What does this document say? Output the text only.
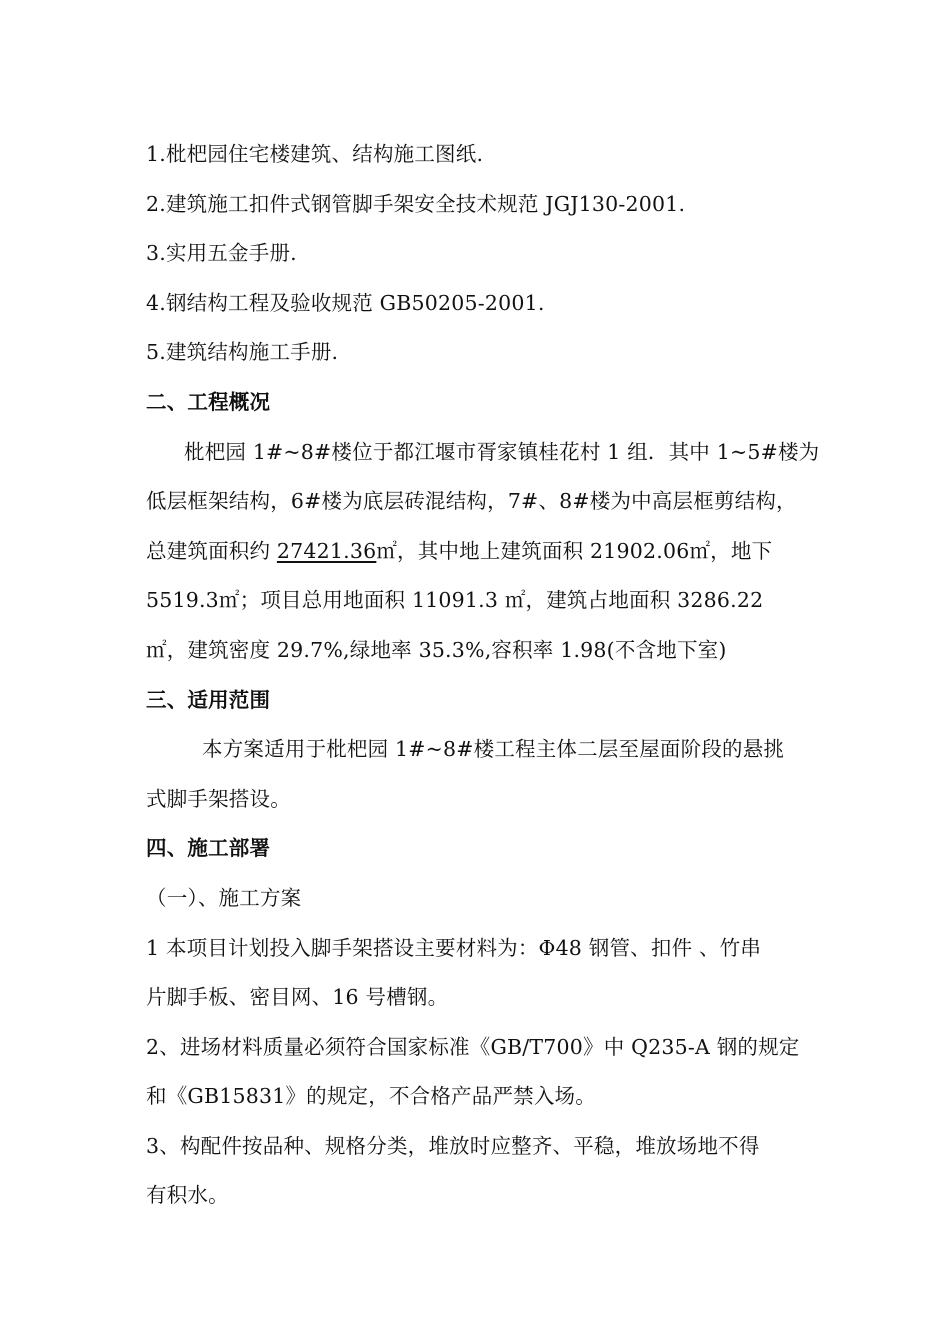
1.枇杷园住宅楼建筑、结构施工图纸.
2.建筑施工扣件式钢管脚手架安全技术规范 JGJ130-2001.
3.实用五金手册.
4.钢结构工程及验收规范 GB50205-2001.
5.建筑结构施工手册.
二、工程概况
枇杷园 1#~8#楼位于都江堰市胥家镇桂花村 1 组．其中 1~5#楼为
低层框架结构，6#楼为底层砖混结构，7#、8#楼为中高层框剪结构，
总建筑面积约 27421.36㎡，其中地上建筑面积 21902.06㎡，地下
5519.3㎡；项目总用地面积 11091.3 ㎡，建筑占地面积 3286.22
㎡，建筑密度 29.7%,绿地率 35.3%,容积率 1.98(不含地下室)
三、适用范围
本方案适用于枇杷园 1#~8#楼工程主体二层至屋面阶段的悬挑
式脚手架搭设。
四、施工部署
（一）、施工方案
1 本项目计划投入脚手架搭设主要材料为：Φ48 钢管、扣件 、竹串
片脚手板、密目网、16 号槽钢。
2、进场材料质量必须符合国家标准《GB/T700》中 Q235-A 钢的规定
和《GB15831》的规定，不合格产品严禁入场。
3、构配件按品种、规格分类，堆放时应整齐、平稳，堆放场地不得
有积水。
